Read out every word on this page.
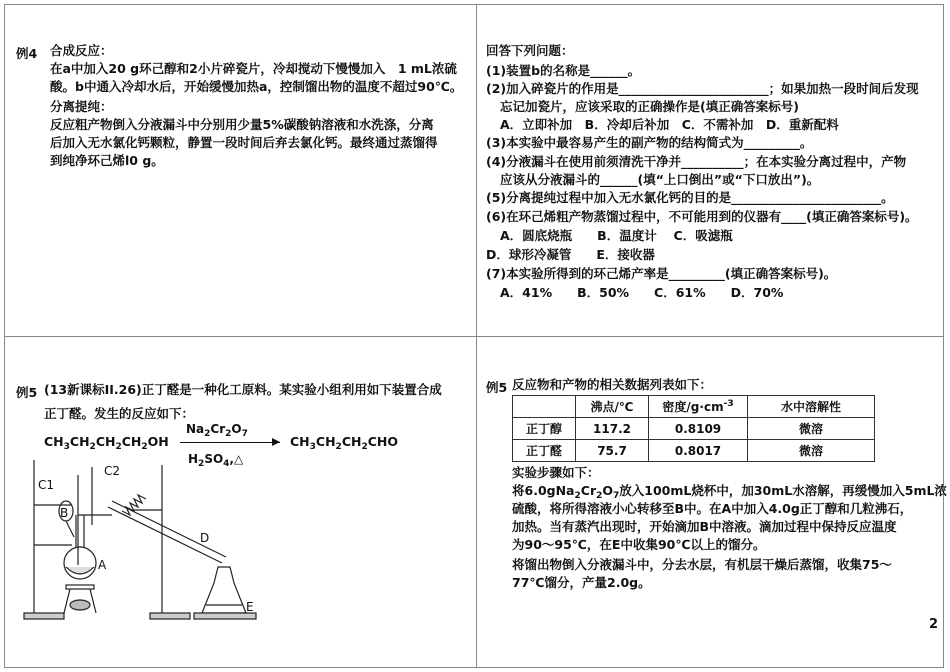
例4 合成反应：
在a中加入20 g环己醇和2小片碎瓷片，冷却搅动下慢慢加入　1 mL浓硫
酸。b中通入冷却水后，开始缓慢加热a，控制馏出物的温度不超过90℃。
分离提纯：
反应粗产物倒入分液漏斗中分别用少量5%碳酸钠溶液和水洗涤，分离
后加入无水氯化钙颗粒，静置一段时间后弃去氯化钙。最终通过蒸馏得
到纯净环己烯l0 g。
回答下列问题：
(1)装置b的名称是______。
(2)加入碎瓷片的作用是________________________；如果加热一段时间后发现
忘记加瓷片，应该采取的正确操作是(填正确答案标号)
A．立即补加　B．冷却后补加　C．不需补加　D．重新配料
(3)本实验中最容易产生的副产物的结构简式为_________。
(4)分液漏斗在使用前须清洗干净并__________；在本实验分离过程中，产物
应该从分液漏斗的______(填“上口倒出”或“下口放出”)。
(5)分离提纯过程中加入无水氯化钙的目的是________________________。
(6)在环己烯粗产物蒸馏过程中，不可能用到的仪器有____(填正确答案标号)。
A．圆底烧瓶　　B．温度计　 C．吸滤瓶
D．球形冷凝管　　E．接收器
(7)本实验所得到的环己烯产率是_________(填正确答案标号)。
A．41%　　B．50%　　C．61%　　D．70%
例5 (13新课标II.26)正丁醛是一种化工原料。某实验小组利用如下装置合成
正丁醛。发生的反应如下：
$CH_3CH_2CH_2CH_2OH$
$Na_2Cr_2O_7$
$H_2SO_4,\triangle$
$CH_3CH_2CH_2CHO$
C1
C2
B
A
D
E
例5 反应物和产物的相关数据列表如下：
	沸点/℃	密度$/g\cdot cm^{-3}$	水中溶解性
正丁醇	117.2	0.8109	微溶
正丁醛	75.7	0.8017	微溶
实验步骤如下：
将$6.0gNa_2Cr_2O_7$放入100mL烧杯中，加30mL水溶解，再缓慢加入5mL浓
硫酸，将所得溶液小心转移至B中。在A中加入4.0g正丁醇和几粒沸石，
加热。当有蒸汽出现时，开始滴加B中溶液。滴加过程中保持反应温度
为90～95℃，在E中收集90℃以上的馏分。
将馏出物倒入分液漏斗中，分去水层，有机层干燥后蒸馏，收集75～
77℃馏分，产量2.0g。
2
